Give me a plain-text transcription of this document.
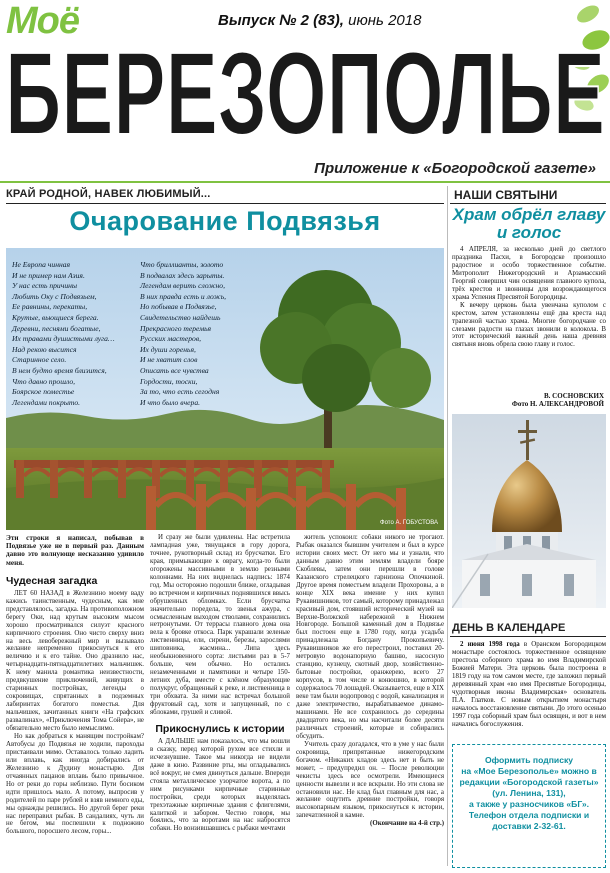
Моё	Выпуск № 2 (83), июнь 2018
БЕРЕЗОПОЛЬЕ
Приложение к «Богородской газете»
КРАЙ РОДНОЙ, НАВЕК ЛЮБИМЫЙ...	НАШИ СВЯТЫНИ
Очарование Подвязья
Не Европа чинная
И не пример нам Азия.
У нас есть причины
Любить Оку с Подвязьем,
Ее равнины, перекаты,
Крутые, вьющиеся берега.
Деревни, песнями богатые,
Их травами душистыми луга…
Над рекою высится
Старинное село.
В нем будто время близится,
Что давно прошло,
Боярское поместье
Легендами покрыто.
Что бриллианты, золото
В подвалах здесь зарыты.
Легендам верить сложно,
В них правда есть и ложь,
Но побывав в Подвязье,
Свидетельство найдешь
Прекрасного теремья
Русских мастеров,
Их души горенья,
И не хватит слов
Описать все чувства
Гордости, тоски,
За то, что есть сегодня
И что было вчера.
Фото А. ГОБУСТОВА

Эти строки я написал, побывав в Подвязье уже не в первый раз. Данным давно это волнующе несказанно удивило меня.

Чудесная загадка

ЛЕТ 60 НАЗАД в Железнино моему ваду кажись таинственным, чудесным, как мне представлялось, загадка. На противоположном берегу Оки, над крутым высоким мысом хорошо просматривался силуэт красного кирпичного строения. Оно чисто сверху вниз на весь левобережный мир и вызывало желание непременно прикоснуться к его величию и к его тайне. Оно дразнило нас, четырнадцати-пятнадцатилетних мальчишек. К нему манила романтика неизвестности, предвкушение приключений, живущих в старинных постройках, легенды о сокровищах, спрятанных в подземных лабиринтах богатого поместья. Для мальчишек, зачитанных книги «На графских развалинах», «Приключения Тома Сойера», не обязательно место было немыслимо.

Но как добраться к манящим постройкам? Автобусы до Подвязья не ходили, пароходы пристаивали мимо. Оставалось только ладить или вплавь, как иногда добирались от Железнино к Дудину монастырю. Для отчаянных пацанов вплавь было привычное. Но от реки до горы неблизко. Пути босиком идти пришлось мало. А потому, выпросив у родителей по паре рублей и взяв немного еды, мы однажды решились. Но другой берег реки нас переправил рыбак. В сандалиях, чуть ли не бегом, мы поспешили к подножию большого, поросшего лесом, горы...

И сразу же были удивлены. Нас встретила лампадная уже, тянущаяся в гору дорога, точнее, рукотворный склад из брусчатки. Его края, примыкающие к оврагу, когда-то были огорожены массивными в землю резными колоннами. На них виднелась надпись: 1874 год. Мы осторожно подошли ближе, огладывая во встречном и кирпичных поднявшихся ввысь обрушенных обломках. Если брусчатка значительно поредела, то звенья ажура, с осмысленным выходом стволами, сохранились нетронутыми. От террасы главного дома она вела к бровке откоса. Парк украшали зеленые лиственницы, ели, сирени, березы, зарослями шиповника, жасмина... Липа здесь необыкновенного сорта: листьями раз в 5-7 больше, чем обычно. Но остались незамеченными и памятники и четыре 150-летних дуба, вместе с клёном образующие полукруг, обращенный к реке, и лиственница в три обхвата. За ними нас встречал большой фруктовый сад, хотя и запущенный, по с яблоками, грушей и сливой.

Прикоснулись к истории

А ДАЛЬШЕ нам показалось, что мы вошли в сказку, перед которой рухом все стихли и исчезнувшие. Такое мы никогда не видели даже в кино. Развиние рты, мы огладывались всё вокруг, не смея двинуться дальше. Впереди стояла металлическое узорчатое ворота, а по ним рисунками кирпичные старинные постройки, среди которых выделялась трехэтажные кирпичные здания с флигелями, калиткой и забором. Честно говоря, мы боялись, что за воротами на нас набросятся собаки. Но вонзившавшись с рыбаки мечтами

житель успокоил: собаки никого не трогают. Рыбак оказался бывшим учителем и был в курсе истории своих мест. От него мы и узнали, что данным давно этим землям владели бояре Скоблевы, затем они перешли в голове Казанского стрелецкого гарнизона Опочкиной. Другое время поместьем владели Прохоровы, а в конце XIX века имение у них купил Рукавишников, тот самый, которому принадлежал красивый дом, стоявший исторический музей на Верхне-Волжской набережной в Нижнем Новгороде. Большой каменный дом в Подвязье был постоен еще в 1780 году, когда усадьба принадлежала Богдану Прокопьевичу. Рукавишников же его перестроил, поставил 20-метровую водонапорную башню, насосную станцию, кузнецу, скотный двор, хозяйственно-бытовые постройки, оранжерею, всего 27 корпусов, в том числе и конюшню, в которой содержалось 70 лошадей. Оказывается, еще в XIX веке там были водопровод с водой, канализация и даже электричество, вырабатываемое динамо-машинами. Не все сохранилось до середины двадцатого века, но мы насчитали более десяти различных строений, которые и собирались обсудить.

Учитель сразу догадался, что в уме у нас были сокровища, припрятанные нижегородским богачом. «Никаких кладов здесь нет и быть не может, – предупредил он. – После революции чекисты здесь все осмотрели. Имеющиеся ценности вывезли и все вскрыли. Но эти слова не остановили нас. Не клад был главным для нас, а желание ощутить древние постройки, говоря высокопарным языком, прикоснуться к истории, запечатленной в камне.

(Окончание на 4-й стр.)

Храм обрёл главу и голос

4 АПРЕЛЯ, за несколько дней до светлого праздника Пасхи, в Богородске произошло радостное и особо торжественное событие. Митрополит Нижегородский и Арзамасский Георгий совершил чин освящения главного купола, трёх крестов и звонницы для возрождающегося храма Успения Пресвятой Богородицы.

К вечеру церковь была увенчана куполом с крестом, затем установлены ещё два креста над трапезной частью храма. Многие богородчане со слезами радости на глазах звонили в колокола. В этот исторический важный день наша древняя святыня вновь обрела свою главу и голос.

В. СОСНОВСКИХ
Фото Н. АЛЕКСАНДРОВОЙ
ДЕНЬ В КАЛЕНДАРЕ

2 июня 1998 года в Оранском Богородицком монастыре состоялось торжественное освящение престола соборного храма во имя Владимирской Божией Матери. Эта церковь была построена в 1819 году на том самом месте, где заложил первый деревянный храм «во имя Пресвятые Богородицы, чудотворныя иконы Владимирская» основатель П.А. Глатков. С новым открытием монастыря началось восстановление святыни. До этого осенью 1997 года соборный храм был освящен, и вот в нем начались богослужения.

Оформить подписку
на «Мое Березополье» можно в редакции «Богородской газеты» (ул. Ленина, 131),
а также у разносчиков «БГ».
Телефон отдела подписки и доставки 2-32-61.
